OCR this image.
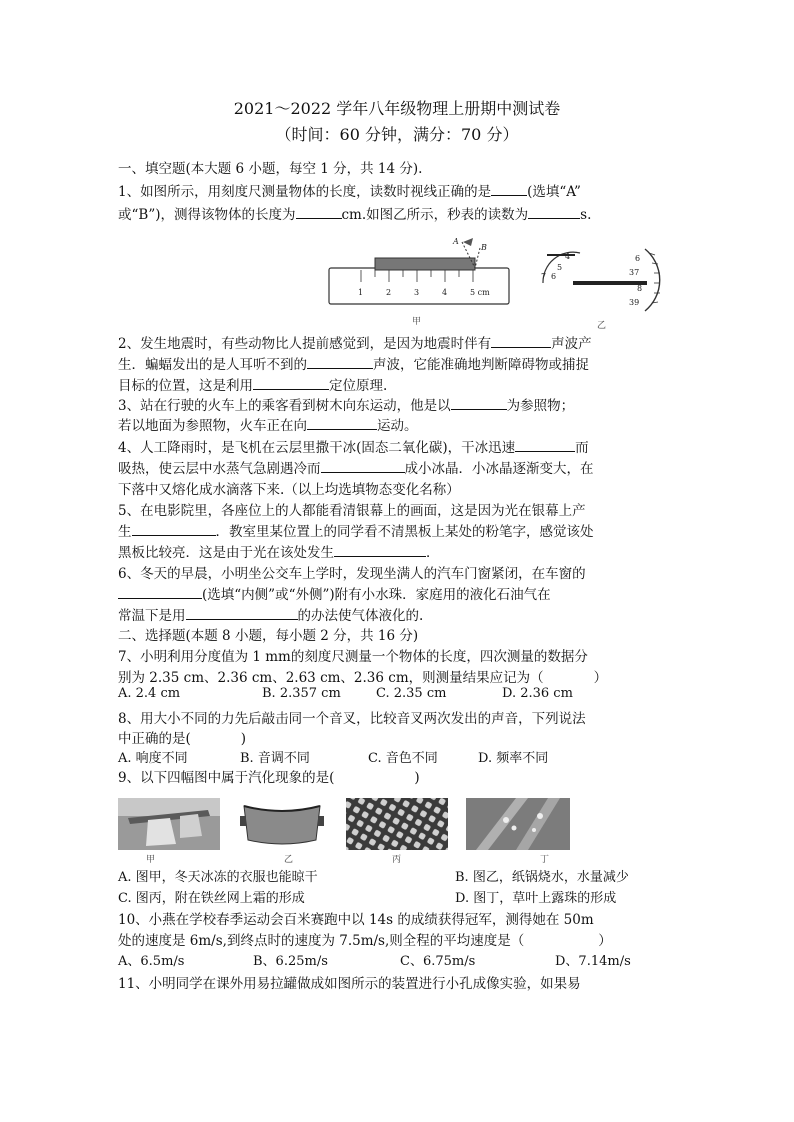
2021～2022 学年八年级物理上册期中测试卷
（时间：60 分钟，满分：70 分）
一、填空题(本大题 6 小题，每空 1 分，共 14 分).
1、如图所示，用刻度尺测量物体的长度，读数时视线正确的是	(选填“A”
或“B”)，测得该物体的长度为	cm.如图乙所示，秒表的读数为	s.
1	2	3	4	5 cm
A
B
甲
4
5
6
7
6
37
8
39
乙
2、发生地震时，有些动物比人提前感觉到，是因为地震时伴有	声波产
生．蝙蝠发出的是人耳听不到的	声波，它能准确地判断障碍物或捕捉
目标的位置，这是利用	定位原理.
3、站在行驶的火车上的乘客看到树木向东运动，他是以	为参照物；
若以地面为参照物，火车正在向	运动。
4、人工降雨时，是飞机在云层里撒干冰(固态二氧化碳)，干冰迅速	而
吸热，使云层中水蒸气急剧遇冷而	成小冰晶．小冰晶逐渐变大，在
下落中又熔化成水滴落下来.（以上均选填物态变化名称）
5、在电影院里，各座位上的人都能看清银幕上的画面，这是因为光在银幕上产
生	．教室里某位置上的同学看不清黑板上某处的粉笔字，感觉该处
黑板比较亮．这是由于光在该处发生	．
6、冬天的早晨，小明坐公交车上学时，发现坐满人的汽车门窗紧闭，在车窗的
(选填“内侧”或“外侧”)附有小水珠．家庭用的液化石油气在
常温下是用	的办法使气体液化的.
二、选择题(本题 8 小题，每小题 2 分，共 16 分)
7、小明利用分度值为 1 mm的刻度尺测量一个物体的长度，四次测量的数据分
别为 2.35 cm、2.36 cm、2.63 cm、2.36 cm，则测量结果应记为（	）
A. 2.4 cm	B. 2.357 cm	C. 2.35 cm	D. 2.36 cm
8、用大小不同的力先后敲击同一个音叉，比较音叉两次发出的声音，下列说法
中正确的是(	)
A. 响度不同	B. 音调不同	C. 音色不同	D. 频率不同
9、以下四幅图中属于汽化现象的是(	)
甲	乙	丙	丁
A. 图甲，冬天冰冻的衣服也能晾干	B. 图乙，纸锅烧水，水量减少
C. 图丙，附在铁丝网上霜的形成	D. 图丁，草叶上露珠的形成
10、小燕在学校春季运动会百米赛跑中以 14s 的成绩获得冠军，测得她在 50m
处的速度是 6m/s,到终点时的速度为 7.5m/s,则全程的平均速度是（	）
A、6.5m/s	B、6.25m/s	C、6.75m/s	D、7.14m/s
11、小明同学在课外用易拉罐做成如图所示的装置进行小孔成像实验，如果易
